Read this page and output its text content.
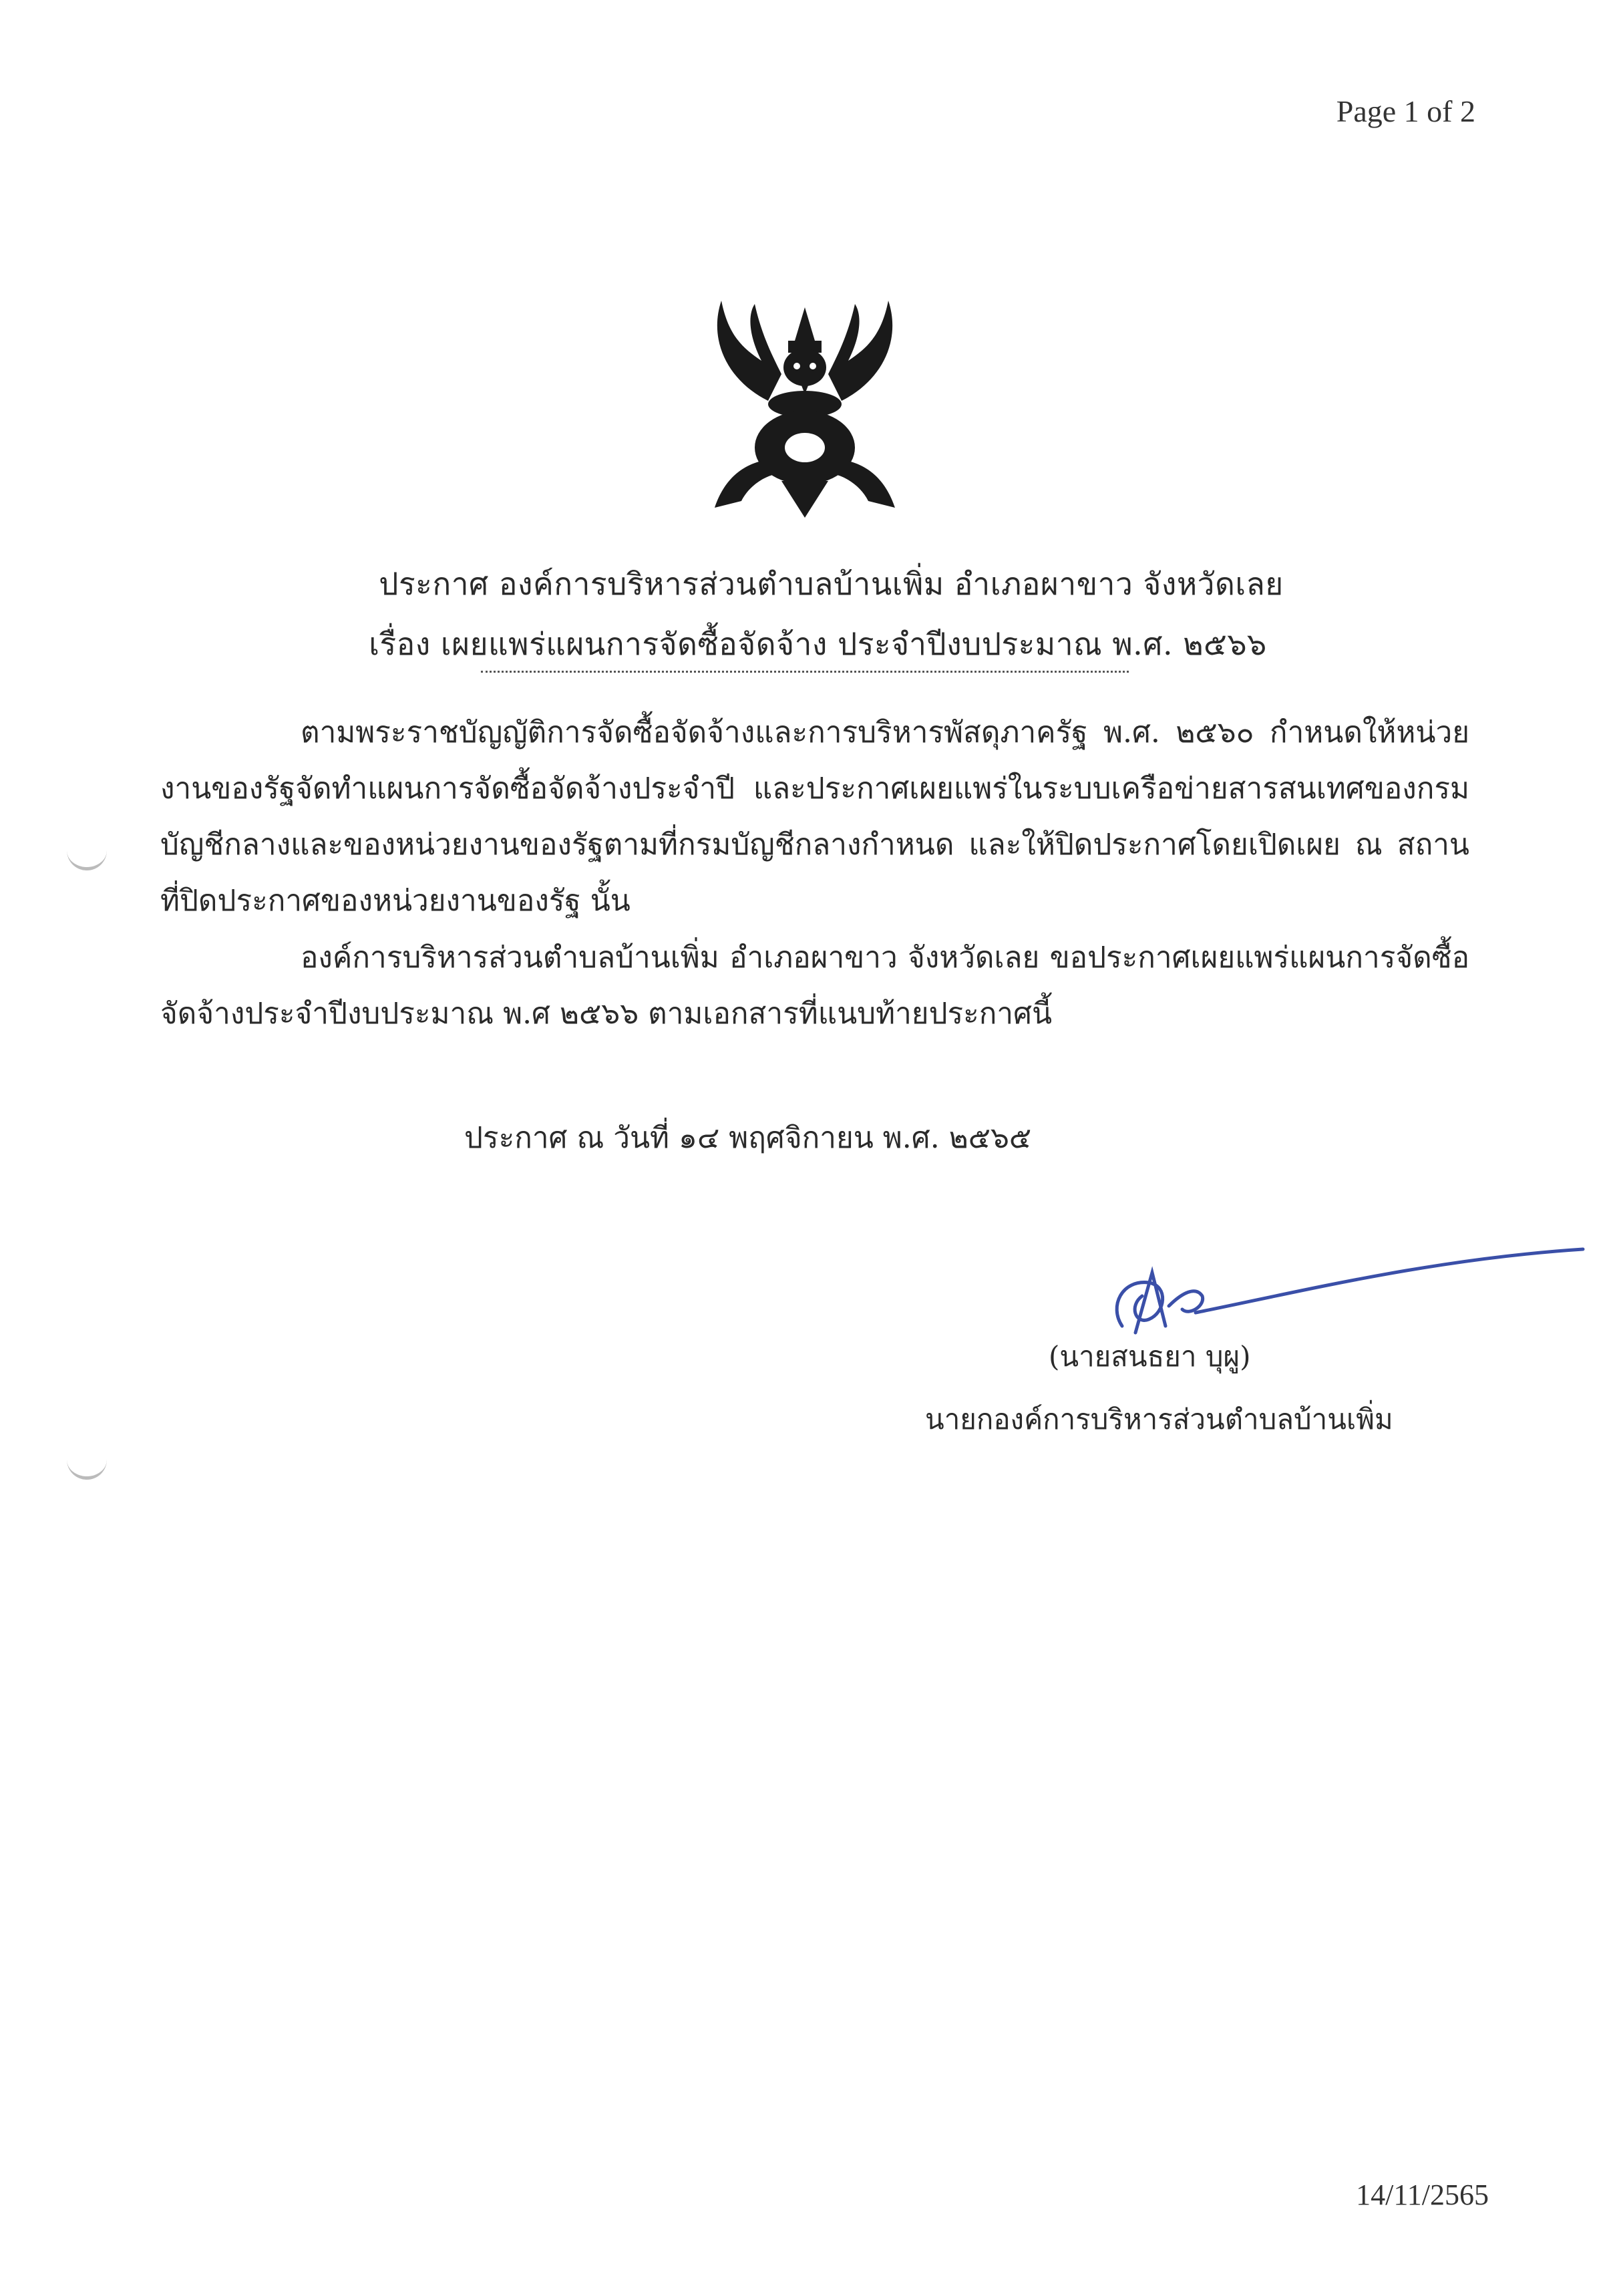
Page 1 of 2
ประกาศ องค์การบริหารส่วนตำบลบ้านเพิ่ม อำเภอผาขาว จังหวัดเลย
เรื่อง เผยแพร่แผนการจัดซื้อจัดจ้าง ประจำปีงบประมาณ พ.ศ. ๒๕๖๖
ตามพระราชบัญญัติการจัดซื้อจัดจ้างและการบริหารพัสดุภาครัฐ พ.ศ. ๒๕๖๐ กำหนดให้หน่วยงานของรัฐจัดทำแผนการจัดซื้อจัดจ้างประจำปี และประกาศเผยแพร่ในระบบเครือข่ายสารสนเทศของกรมบัญชีกลางและของหน่วยงานของรัฐตามที่กรมบัญชีกลางกำหนด และให้ปิดประกาศโดยเปิดเผย ณ สถานที่ปิดประกาศของหน่วยงานของรัฐ นั้น
องค์การบริหารส่วนตำบลบ้านเพิ่ม อำเภอผาขาว จังหวัดเลย ขอประกาศเผยแพร่แผนการจัดซื้อจัดจ้างประจำปีงบประมาณ พ.ศ ๒๕๖๖ ตามเอกสารที่แนบท้ายประกาศนี้
ประกาศ ณ วันที่ ๑๔ พฤศจิกายน พ.ศ. ๒๕๖๕
(นายสนธยา บุผู)
นายกองค์การบริหารส่วนตำบลบ้านเพิ่ม
14/11/2565
